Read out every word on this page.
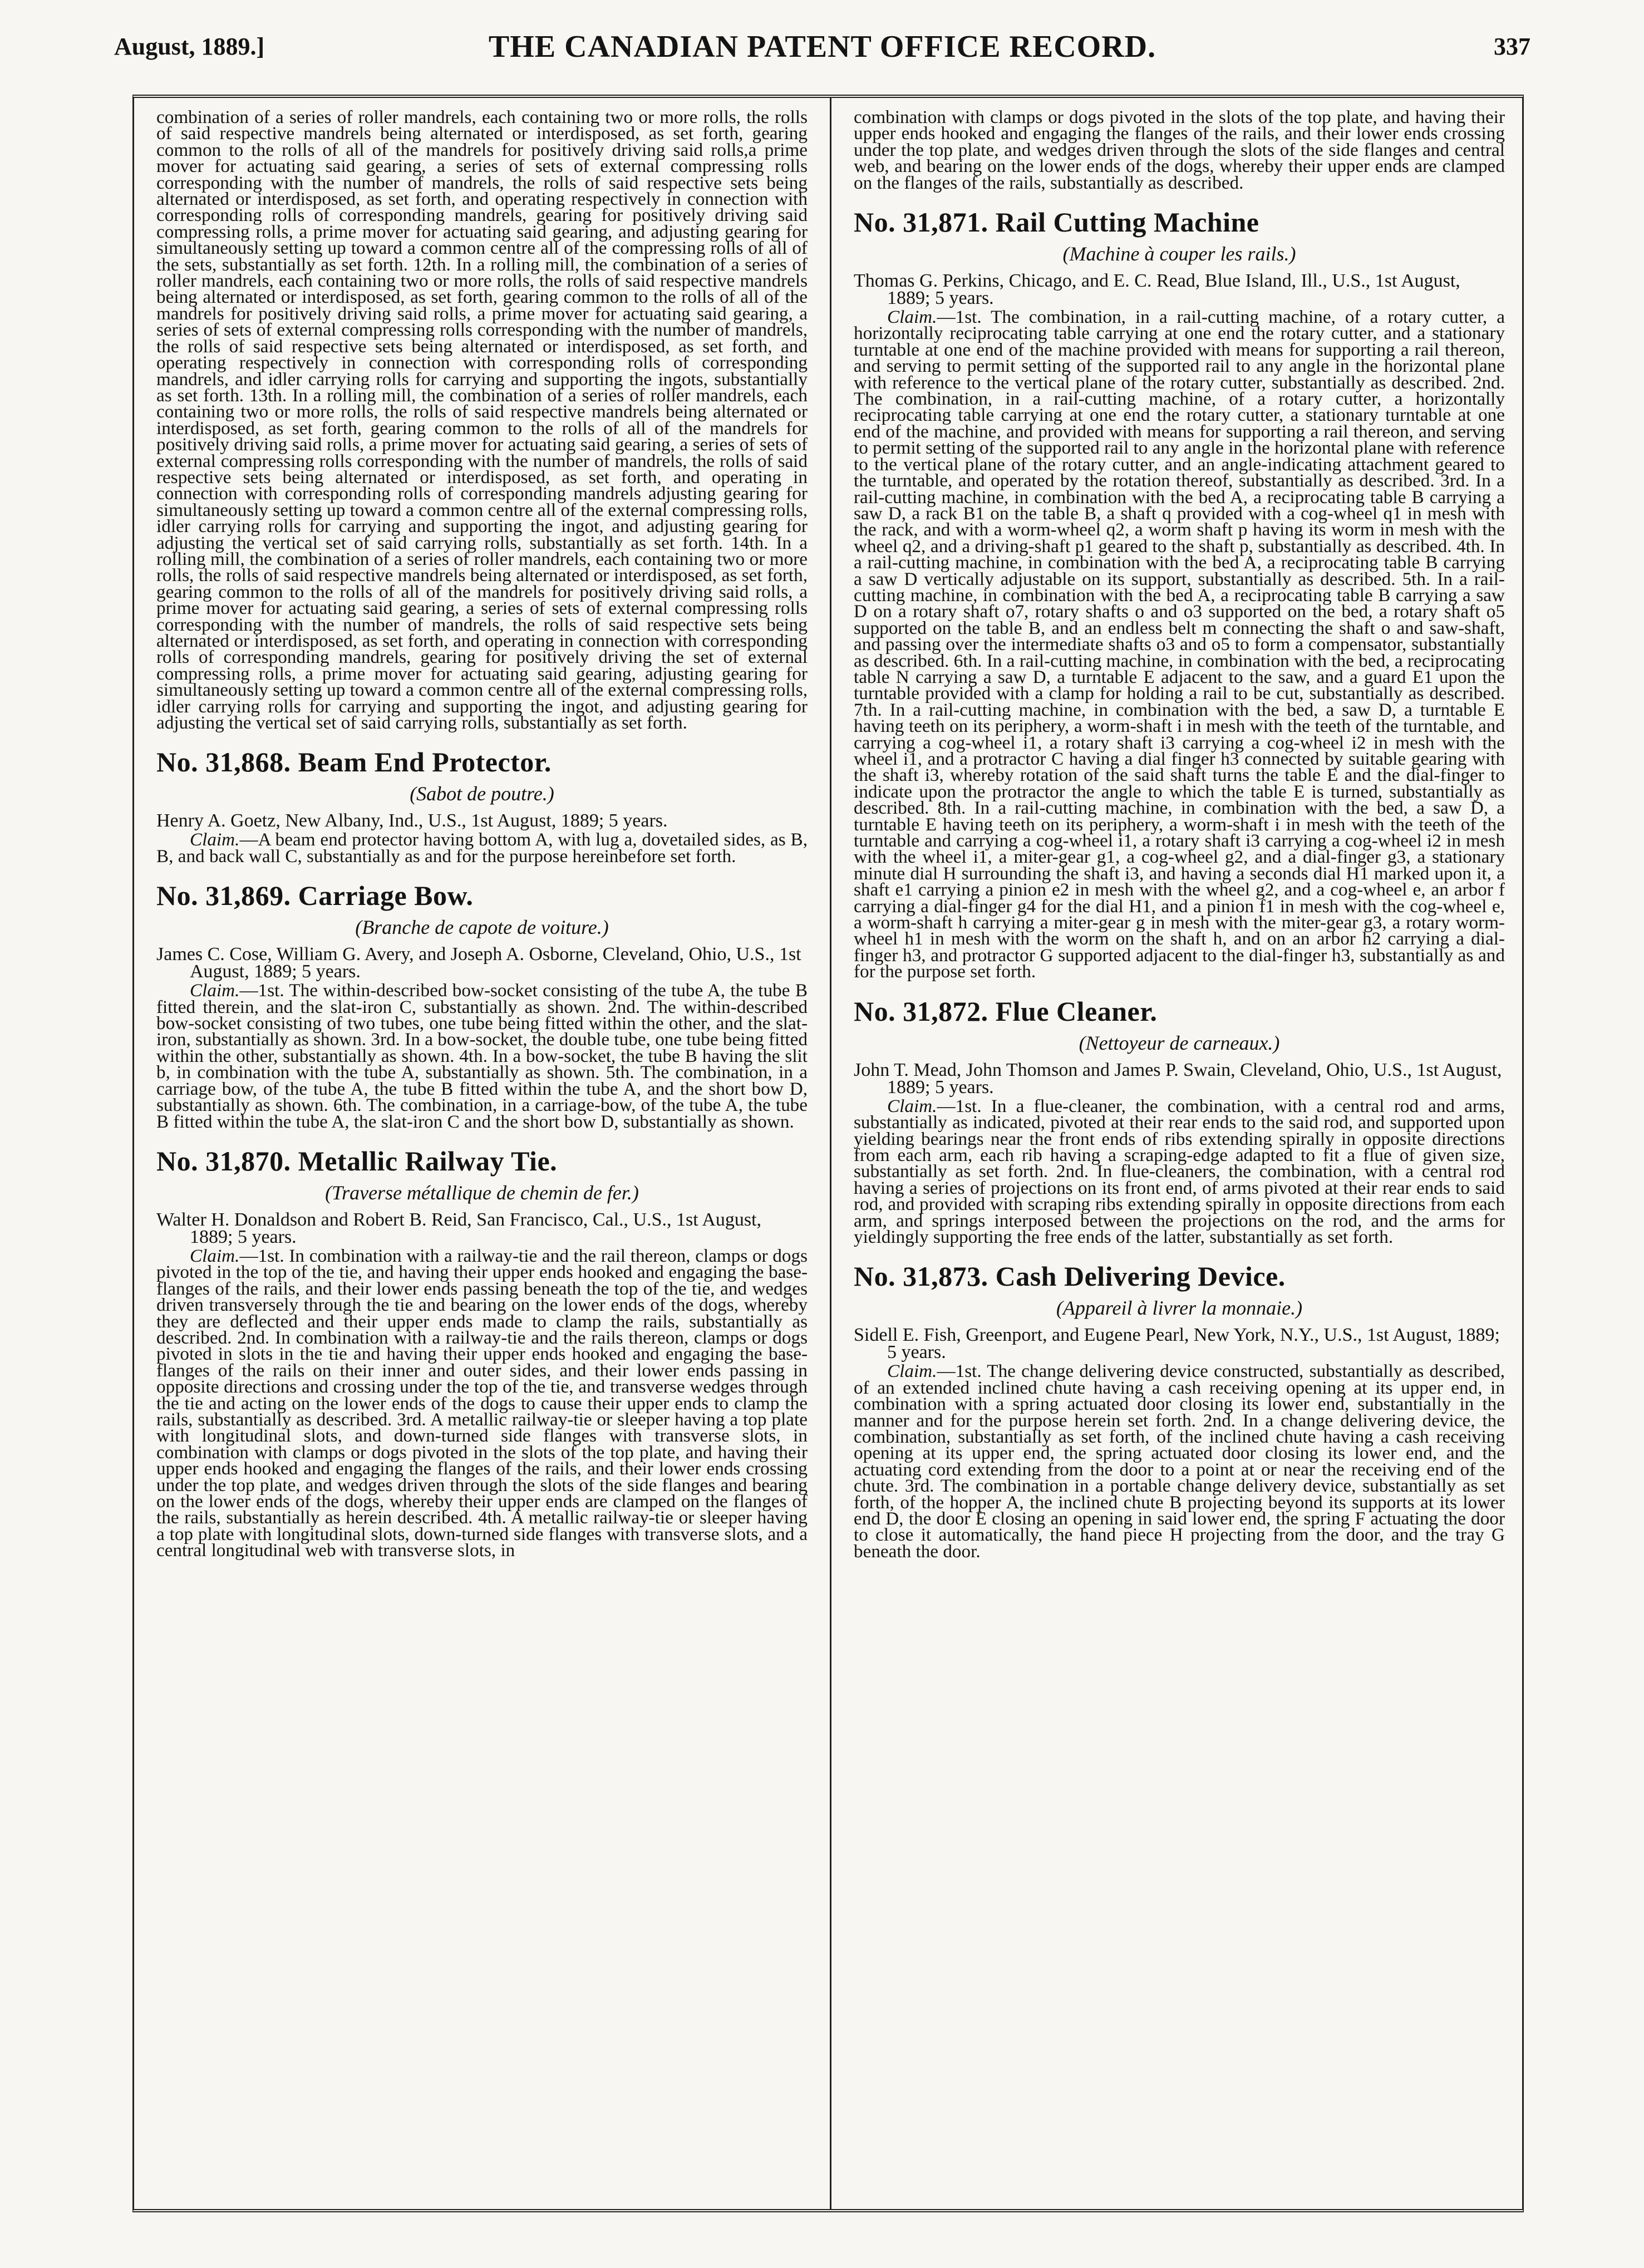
August, 1889.]	THE CANADIAN PATENT OFFICE RECORD.	337

combination of a series of roller mandrels, each containing two or more rolls, the rolls of said respective mandrels being alternated or interdisposed, as set forth, gearing common to the rolls of all of the mandrels for positively driving said rolls,a prime mover for actuating said gearing, a series of sets of external compressing rolls corresponding with the number of mandrels, the rolls of said respective sets being alternated or interdisposed, as set forth, and operating respectively in connection with corresponding rolls of corresponding mandrels, gearing for positively driving said compressing rolls, a prime mover for actuating said gearing, and adjusting gearing for simultaneously setting up toward a common centre all of the compressing rolls of all of the sets, substantially as set forth. 12th. In a rolling mill, the combination of a series of roller mandrels, each containing two or more rolls, the rolls of said respective mandrels being alternated or interdisposed, as set forth, gearing common to the rolls of all of the mandrels for positively driving said rolls, a prime mover for actuating said gearing, a series of sets of external compressing rolls corresponding with the number of mandrels, the rolls of said respective sets being alternated or interdisposed, as set forth, and operating respectively in connection with corresponding rolls of corresponding mandrels, and idler carrying rolls for carrying and supporting the ingots, substantially as set forth. 13th. In a rolling mill, the combination of a series of roller mandrels, each containing two or more rolls, the rolls of said respective mandrels being alternated or interdisposed, as set forth, gearing common to the rolls of all of the mandrels for positively driving said rolls, a prime mover for actuating said gearing, a series of sets of external compressing rolls corresponding with the number of mandrels, the rolls of said respective sets being alternated or interdisposed, as set forth, and operating in connection with corresponding rolls of corresponding mandrels adjusting gearing for simultaneously setting up toward a common centre all of the external compressing rolls, idler carrying rolls for carrying and supporting the ingot, and adjusting gearing for adjusting the vertical set of said carrying rolls, substantially as set forth. 14th. In a rolling mill, the combination of a series of roller mandrels, each containing two or more rolls, the rolls of said respective mandrels being alternated or interdisposed, as set forth, gearing common to the rolls of all of the mandrels for positively driving said rolls, a prime mover for actuating said gearing, a series of sets of external compressing rolls corresponding with the number of mandrels, the rolls of said respective sets being alternated or interdisposed, as set forth, and operating in connection with corresponding rolls of corresponding mandrels, gearing for positively driving the set of external compressing rolls, a prime mover for actuating said gearing, adjusting gearing for simultaneously setting up toward a common centre all of the external compressing rolls, idler carrying rolls for carrying and supporting the ingot, and adjusting gearing for adjusting the vertical set of said carrying rolls, substantially as set forth.

No. 31,868. Beam End Protector.
(Sabot de poutre.)

Henry A. Goetz, New Albany, Ind., U.S., 1st August, 1889; 5 years.

Claim.—A beam end protector having bottom A, with lug a, dovetailed sides, as B, B, and back wall C, substantially as and for the purpose hereinbefore set forth.

No. 31,869. Carriage Bow.
(Branche de capote de voiture.)

James C. Cose, William G. Avery, and Joseph A. Osborne, Cleveland, Ohio, U.S., 1st August, 1889; 5 years.

Claim.—1st. The within-described bow-socket consisting of the tube A, the tube B fitted therein, and the slat-iron C, substantially as shown. 2nd. The within-described bow-socket consisting of two tubes, one tube being fitted within the other, and the slat-iron, substantially as shown. 3rd. In a bow-socket, the double tube, one tube being fitted within the other, substantially as shown. 4th. In a bow-socket, the tube B having the slit b, in combination with the tube A, substantially as shown. 5th. The combination, in a carriage bow, of the tube A, the tube B fitted within the tube A, and the short bow D, substantially as shown. 6th. The combination, in a carriage-bow, of the tube A, the tube B fitted within the tube A, the slat-iron C and the short bow D, substantially as shown.

No. 31,870. Metallic Railway Tie.
(Traverse métallique de chemin de fer.)

Walter H. Donaldson and Robert B. Reid, San Francisco, Cal., U.S., 1st August, 1889; 5 years.

Claim.—1st. In combination with a railway-tie and the rail thereon, clamps or dogs pivoted in the top of the tie, and having their upper ends hooked and engaging the base-flanges of the rails, and their lower ends passing beneath the top of the tie, and wedges driven transversely through the tie and bearing on the lower ends of the dogs, whereby they are deflected and their upper ends made to clamp the rails, substantially as described. 2nd. In combination with a railway-tie and the rails thereon, clamps or dogs pivoted in slots in the tie and having their upper ends hooked and engaging the base-flanges of the rails on their inner and outer sides, and their lower ends passing in opposite directions and crossing under the top of the tie, and transverse wedges through the tie and acting on the lower ends of the dogs to cause their upper ends to clamp the rails, substantially as described. 3rd. A metallic railway-tie or sleeper having a top plate with longitudinal slots, and down-turned side flanges with transverse slots, in combination with clamps or dogs pivoted in the slots of the top plate, and having their upper ends hooked and engaging the flanges of the rails, and their lower ends crossing under the top plate, and wedges driven through the slots of the side flanges and bearing on the lower ends of the dogs, whereby their upper ends are clamped on the flanges of the rails, substantially as herein described. 4th. A metallic railway-tie or sleeper having a top plate with longitudinal slots, down-turned side flanges with transverse slots, and a central longitudinal web with transverse slots, in

combination with clamps or dogs pivoted in the slots of the top plate, and having their upper ends hooked and engaging the flanges of the rails, and their lower ends crossing under the top plate, and wedges driven through the slots of the side flanges and central web, and bearing on the lower ends of the dogs, whereby their upper ends are clamped on the flanges of the rails, substantially as described.

No. 31,871. Rail Cutting Machine
(Machine à couper les rails.)

Thomas G. Perkins, Chicago, and E. C. Read, Blue Island, Ill., U.S., 1st August, 1889; 5 years.

Claim.—1st. The combination, in a rail-cutting machine, of a rotary cutter, a horizontally reciprocating table carrying at one end the rotary cutter, and a stationary turntable at one end of the machine provided with means for supporting a rail thereon, and serving to permit setting of the supported rail to any angle in the horizontal plane with reference to the vertical plane of the rotary cutter, substantially as described. 2nd. The combination, in a rail-cutting machine, of a rotary cutter, a horizontally reciprocating table carrying at one end the rotary cutter, a stationary turntable at one end of the machine, and provided with means for supporting a rail thereon, and serving to permit setting of the supported rail to any angle in the horizontal plane with reference to the vertical plane of the rotary cutter, and an angle-indicating attachment geared to the turntable, and operated by the rotation thereof, substantially as described. 3rd. In a rail-cutting machine, in combination with the bed A, a reciprocating table B carrying a saw D, a rack B1 on the table B, a shaft q provided with a cog-wheel q1 in mesh with the rack, and with a worm-wheel q2, a worm shaft p having its worm in mesh with the wheel q2, and a driving-shaft p1 geared to the shaft p, substantially as described. 4th. In a rail-cutting machine, in combination with the bed A, a reciprocating table B carrying a saw D vertically adjustable on its support, substantially as described. 5th. In a rail-cutting machine, in combination with the bed A, a reciprocating table B carrying a saw D on a rotary shaft o7, rotary shafts o and o3 supported on the bed, a rotary shaft o5 supported on the table B, and an endless belt m connecting the shaft o and saw-shaft, and passing over the intermediate shafts o3 and o5 to form a compensator, substantially as described. 6th. In a rail-cutting machine, in combination with the bed, a reciprocating table N carrying a saw D, a turntable E adjacent to the saw, and a guard E1 upon the turntable provided with a clamp for holding a rail to be cut, substantially as described. 7th. In a rail-cutting machine, in combination with the bed, a saw D, a turntable E having teeth on its periphery, a worm-shaft i in mesh with the teeth of the turntable, and carrying a cog-wheel i1, a rotary shaft i3 carrying a cog-wheel i2 in mesh with the wheel i1, and a protractor C having a dial finger h3 connected by suitable gearing with the shaft i3, whereby rotation of the said shaft turns the table E and the dial-finger to indicate upon the protractor the angle to which the table E is turned, substantially as described. 8th. In a rail-cutting machine, in combination with the bed, a saw D, a turntable E having teeth on its periphery, a worm-shaft i in mesh with the teeth of the turntable and carrying a cog-wheel i1, a rotary shaft i3 carrying a cog-wheel i2 in mesh with the wheel i1, a miter-gear g1, a cog-wheel g2, and a dial-finger g3, a stationary minute dial H surrounding the shaft i3, and having a seconds dial H1 marked upon it, a shaft e1 carrying a pinion e2 in mesh with the wheel g2, and a cog-wheel e, an arbor f carrying a dial-finger g4 for the dial H1, and a pinion f1 in mesh with the cog-wheel e, a worm-shaft h carrying a miter-gear g in mesh with the miter-gear g3, a rotary worm-wheel h1 in mesh with the worm on the shaft h, and on an arbor h2 carrying a dial-finger h3, and protractor G supported adjacent to the dial-finger h3, substantially as and for the purpose set forth.

No. 31,872. Flue Cleaner.
(Nettoyeur de carneaux.)

John T. Mead, John Thomson and James P. Swain, Cleveland, Ohio, U.S., 1st August, 1889; 5 years.

Claim.—1st. In a flue-cleaner, the combination, with a central rod and arms, substantially as indicated, pivoted at their rear ends to the said rod, and supported upon yielding bearings near the front ends of ribs extending spirally in opposite directions from each arm, each rib having a scraping-edge adapted to fit a flue of given size, substantially as set forth. 2nd. In flue-cleaners, the combination, with a central rod having a series of projections on its front end, of arms pivoted at their rear ends to said rod, and provided with scraping ribs extending spirally in opposite directions from each arm, and springs interposed between the projections on the rod, and the arms for yieldingly supporting the free ends of the latter, substantially as set forth.

No. 31,873. Cash Delivering Device.
(Appareil à livrer la monnaie.)

Sidell E. Fish, Greenport, and Eugene Pearl, New York, N.Y., U.S., 1st August, 1889; 5 years.

Claim.—1st. The change delivering device constructed, substantially as described, of an extended inclined chute having a cash receiving opening at its upper end, in combination with a spring actuated door closing its lower end, substantially in the manner and for the purpose herein set forth. 2nd. In a change delivering device, the combination, substantially as set forth, of the inclined chute having a cash receiving opening at its upper end, the spring actuated door closing its lower end, and the actuating cord extending from the door to a point at or near the receiving end of the chute. 3rd. The combination in a portable change delivery device, substantially as set forth, of the hopper A, the inclined chute B projecting beyond its supports at its lower end D, the door E closing an opening in said lower end, the spring F actuating the door to close it automatically, the hand piece H projecting from the door, and the tray G beneath the door.
